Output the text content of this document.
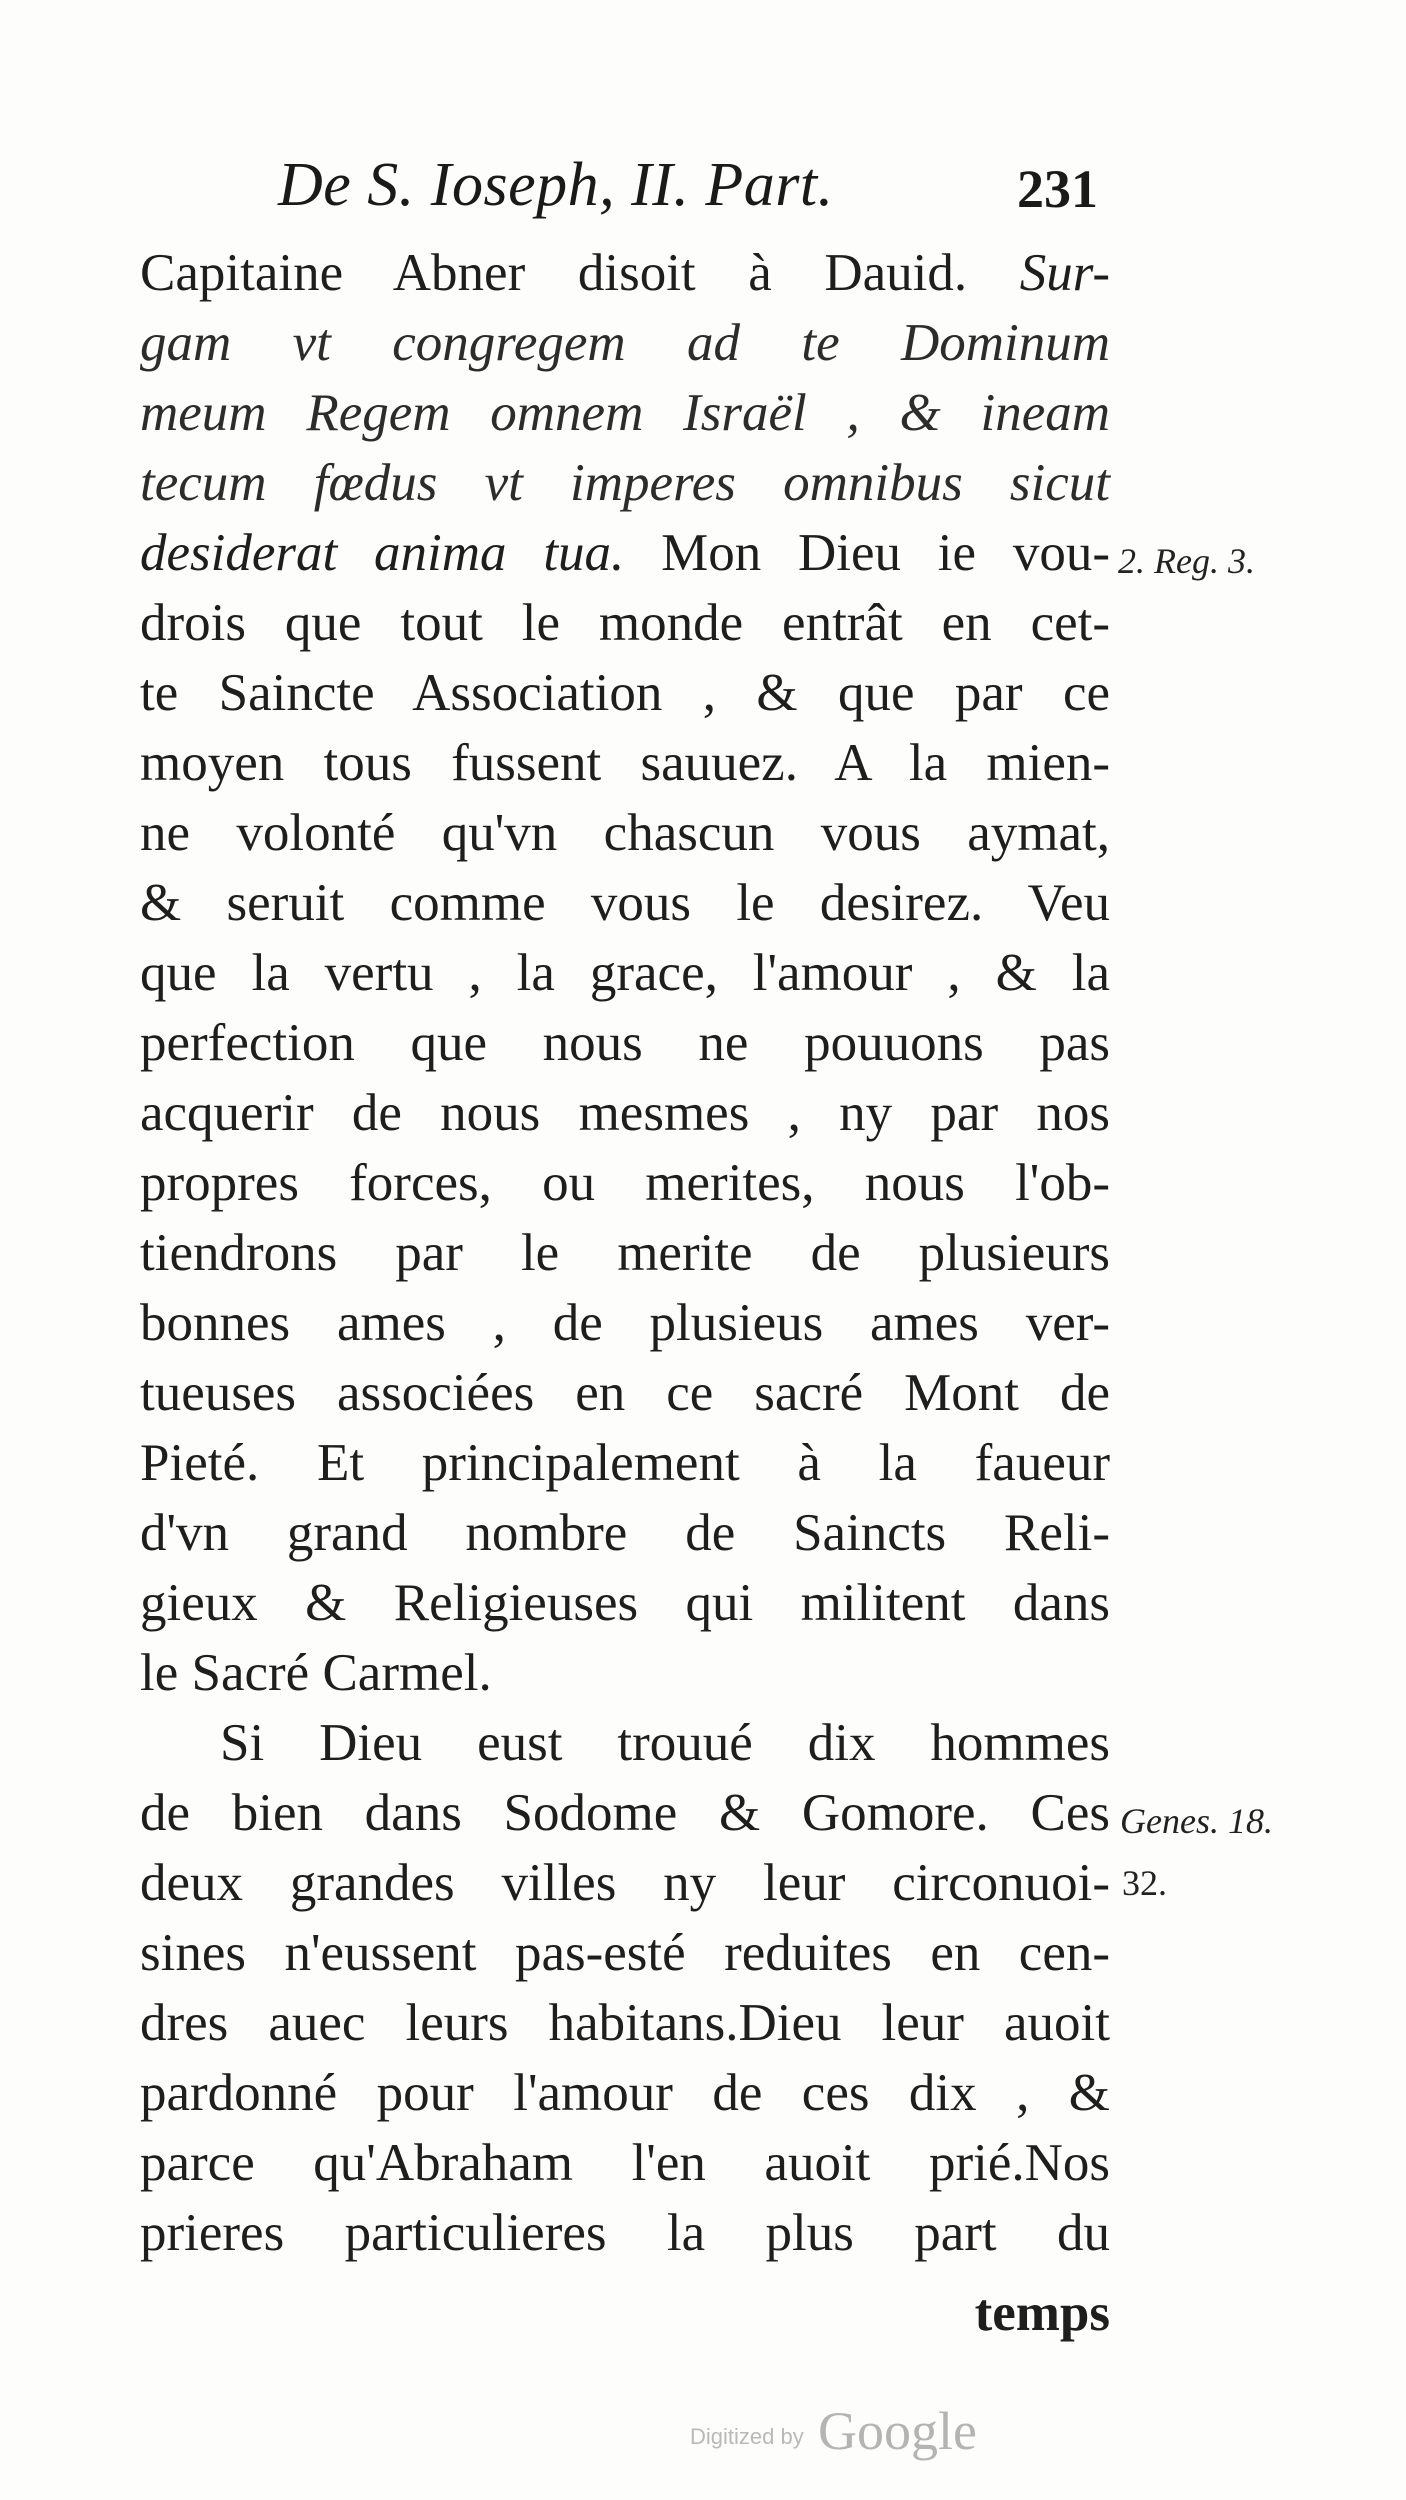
De S. Ioseph, II. Part.	231
Capitaine Abner disoit à Dauid. Sur-
gam vt congregem ad te Dominum
meum Regem omnem Israël , & ineam
tecum fœdus vt imperes omnibus sicut
desiderat anima tua. Mon Dieu ie vou-
drois que tout le monde entrât en cet-
te Saincte Association , & que par ce
moyen tous fussent sauuez. A la mien-
ne volonté qu'vn chascun vous aymat,
& seruit comme vous le desirez. Veu
que la vertu , la grace, l'amour , & la
perfection que nous ne pouuons pas
acquerir de nous mesmes , ny par nos
propres forces, ou merites, nous l'ob-
tiendrons par le merite de plusieurs
bonnes ames , de plusieus ames ver-
tueuses associées en ce sacré Mont de
Pieté. Et principalement à la faueur
d'vn grand nombre de Saincts Reli-
gieux & Religieuses qui militent dans
le Sacré Carmel.
Si Dieu eust trouué dix hommes
de bien dans Sodome & Gomore. Ces
deux grandes villes ny leur circonuoi-
sines n'eussent pas-esté reduites en cen-
dres auec leurs habitans.Dieu leur auoit
pardonné pour l'amour de ces dix , &
parce qu'Abraham l'en auoit prié.Nos
prieres particulieres la plus part du
temps
2. Reg. 3.
Genes. 18.
32.
Digitized by Google
